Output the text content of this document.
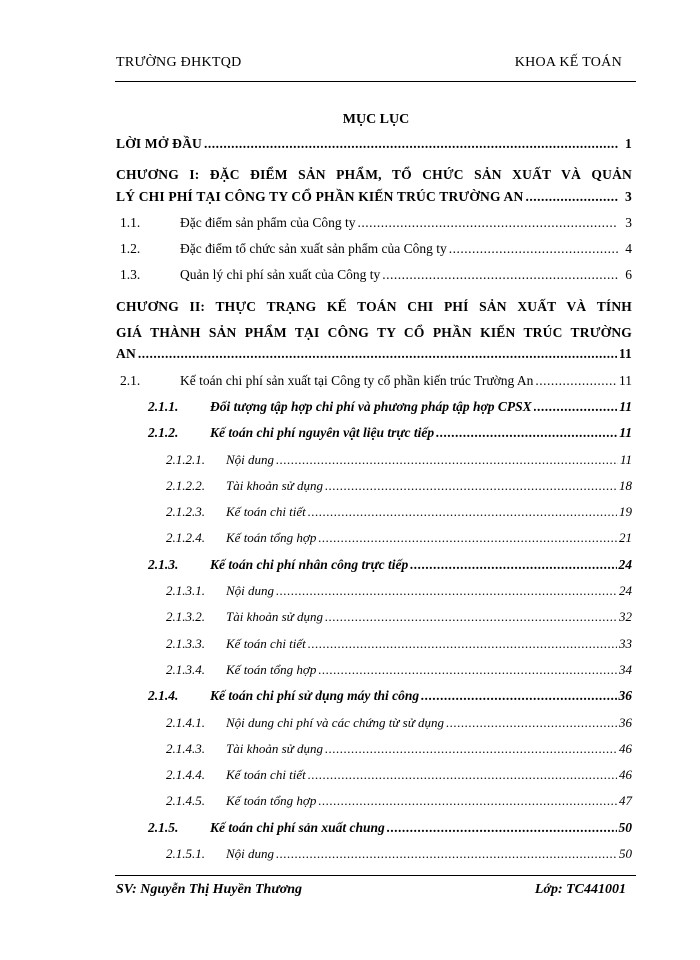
TRƯỜNG ĐHKTQD	KHOA KẾ TOÁN
MỤC LỤC
LỜI MỞ ĐẦU .....	1
CHƯƠNG I: ĐẶC ĐIỂM SẢN PHẨM, TỔ CHỨC SẢN XUẤT VÀ QUẢN
LÝ CHI PHÍ TẠI CÔNG TY CỔ PHẦN KIẾN TRÚC TRƯỜNG AN .....	3
1.1.	Đặc điểm sản phẩm của Công ty .....	3
1.2.	Đặc điểm tổ chức sản xuất sản phẩm của Công ty .....	4
1.3.	Quản lý chi phí sản xuất của Công ty .....	6
CHƯƠNG II: THỰC TRẠNG KẾ TOÁN CHI PHÍ SẢN XUẤT VÀ TÍNH
GIÁ THÀNH SẢN PHẨM TẠI CÔNG TY CỔ PHẦN KIẾN TRÚC TRƯỜNG
AN .....	11
2.1.	Kế toán chi phí sản xuất tại Công ty cổ phần kiến trúc Trường An .....	11
2.1.1.	Đối tượng tập hợp chi phí và phương pháp tập hợp CPSX .....	11
2.1.2.	Kế toán chi phí nguyên vật liệu trực tiếp .....	11
2.1.2.1.	Nội dung .....	11
2.1.2.2.	Tài khoản sử dụng .....	18
2.1.2.3.	Kế toán chi tiết .....	19
2.1.2.4.	Kế toán tổng hợp .....	21
2.1.3.	Kế toán chi phí nhân công trực tiếp .....	24
2.1.3.1.	Nội dung .....	24
2.1.3.2.	Tài khoản sử dụng .....	32
2.1.3.3.	Kế toán chi tiết .....	33
2.1.3.4.	Kế toán tổng hợp .....	34
2.1.4.	Kế toán chi phí sử dụng máy thi công .....	36
2.1.4.1.	Nội dung chi phí và các chứng từ sử dụng .....	36
2.1.4.3.	Tài khoản sử dụng .....	46
2.1.4.4.	Kế toán chi tiết .....	46
2.1.4.5.	Kế toán tổng hợp .....	47
2.1.5.	Kế toán chi phí sản xuất chung .....	50
2.1.5.1.	Nội dung .....	50
SV: Nguyễn Thị Huyền Thương	Lớp: TC441001
